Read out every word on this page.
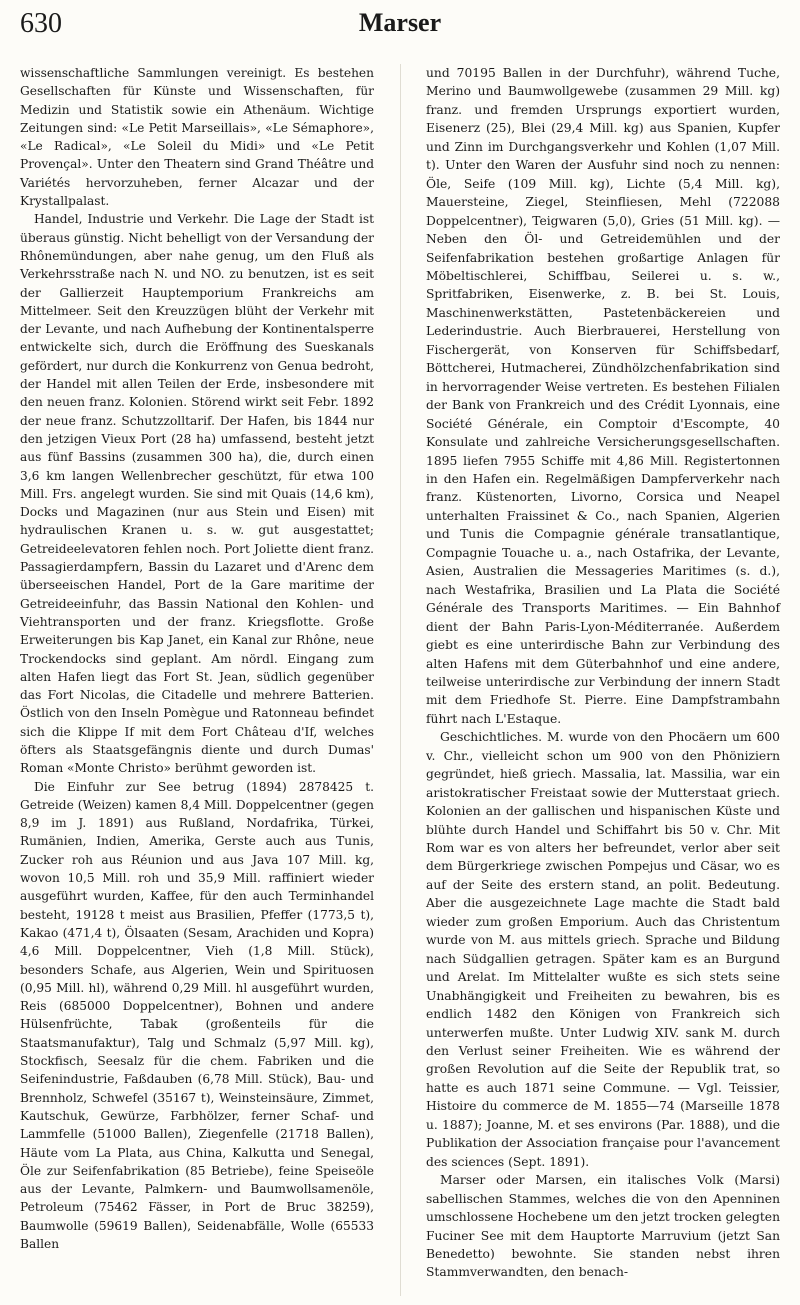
630	Marser

wissenschaftliche Sammlungen vereinigt. Es bestehen Gesellschaften für Künste und Wissenschaften, für Medizin und Statistik sowie ein Athenäum. Wichtige Zeitungen sind: «Le Petit Marseillais», «Le Sémaphore», «Le Radical», «Le Soleil du Midi» und «Le Petit Provençal». Unter den Theatern sind Grand Théâtre und Variétés hervorzuheben, ferner Alcazar und der Krystallpalast.

Handel, Industrie und Verkehr. Die Lage der Stadt ist überaus günstig. Nicht behelligt von der Versandung der Rhônemündungen, aber nahe genug, um den Fluß als Verkehrsstraße nach N. und NO. zu benutzen, ist es seit der Gallierzeit Hauptemporium Frankreichs am Mittelmeer. Seit den Kreuzzügen blüht der Verkehr mit der Levante, und nach Aufhebung der Kontinentalsperre entwickelte sich, durch die Eröffnung des Sueskanals gefördert, nur durch die Konkurrenz von Genua bedroht, der Handel mit allen Teilen der Erde, insbesondere mit den neuen franz. Kolonien. Störend wirkt seit Febr. 1892 der neue franz. Schutzzolltarif. Der Hafen, bis 1844 nur den jetzigen Vieux Port (28 ha) umfassend, besteht jetzt aus fünf Bassins (zusammen 300 ha), die, durch einen 3,6 km langen Wellenbrecher geschützt, für etwa 100 Mill. Frs. angelegt wurden. Sie sind mit Quais (14,6 km), Docks und Magazinen (nur aus Stein und Eisen) mit hydraulischen Kranen u. s. w. gut ausgestattet; Getreideelevatoren fehlen noch. Port Joliette dient franz. Passagierdampfern, Bassin du Lazaret und d'Arenc dem überseeischen Handel, Port de la Gare maritime der Getreideeinfuhr, das Bassin National den Kohlen- und Viehtransporten und der franz. Kriegsflotte. Große Erweiterungen bis Kap Janet, ein Kanal zur Rhône, neue Trockendocks sind geplant. Am nördl. Eingang zum alten Hafen liegt das Fort St. Jean, südlich gegenüber das Fort Nicolas, die Citadelle und mehrere Batterien. Östlich von den Inseln Pomègue und Ratonneau befindet sich die Klippe If mit dem Fort Château d'If, welches öfters als Staatsgefängnis diente und durch Dumas' Roman «Monte Christo» berühmt geworden ist.

Die Einfuhr zur See betrug (1894) 2878425 t. Getreide (Weizen) kamen 8,4 Mill. Doppelcentner (gegen 8,9 im J. 1891) aus Rußland, Nordafrika, Türkei, Rumänien, Indien, Amerika, Gerste auch aus Tunis, Zucker roh aus Réunion und aus Java 107 Mill. kg, wovon 10,5 Mill. roh und 35,9 Mill. raffiniert wieder ausgeführt wurden, Kaffee, für den auch Terminhandel besteht, 19128 t meist aus Brasilien, Pfeffer (1773,5 t), Kakao (471,4 t), Ölsaaten (Sesam, Arachiden und Kopra) 4,6 Mill. Doppelcentner, Vieh (1,8 Mill. Stück), besonders Schafe, aus Algerien, Wein und Spirituosen (0,95 Mill. hl), während 0,29 Mill. hl ausgeführt wurden, Reis (685000 Doppelcentner), Bohnen und andere Hülsenfrüchte, Tabak (großenteils für die Staatsmanufaktur), Talg und Schmalz (5,97 Mill. kg), Stockfisch, Seesalz für die chem. Fabriken und die Seifenindustrie, Faßdauben (6,78 Mill. Stück), Bau- und Brennholz, Schwefel (35167 t), Weinsteinsäure, Zimmet, Kautschuk, Gewürze, Farbhölzer, ferner Schaf- und Lammfelle (51000 Ballen), Ziegenfelle (21718 Ballen), Häute vom La Plata, aus China, Kalkutta und Senegal, Öle zur Seifenfabrikation (85 Betriebe), feine Speiseöle aus der Levante, Palmkern- und Baumwollsamenöle, Petroleum (75462 Fässer, in Port de Bruc 38259), Baumwolle (59619 Ballen), Seidenabfälle, Wolle (65533 Ballen

und 70195 Ballen in der Durchfuhr), während Tuche, Merino und Baumwollgewebe (zusammen 29 Mill. kg) franz. und fremden Ursprungs exportiert wurden, Eisenerz (25), Blei (29,4 Mill. kg) aus Spanien, Kupfer und Zinn im Durchgangsverkehr und Kohlen (1,07 Mill. t). Unter den Waren der Ausfuhr sind noch zu nennen: Öle, Seife (109 Mill. kg), Lichte (5,4 Mill. kg), Mauersteine, Ziegel, Steinfliesen, Mehl (722088 Doppelcentner), Teigwaren (5,0), Gries (51 Mill. kg). — Neben den Öl- und Getreidemühlen und der Seifenfabrikation bestehen großartige Anlagen für Möbeltischlerei, Schiffbau, Seilerei u. s. w., Spritfabriken, Eisenwerke, z. B. bei St. Louis, Maschinenwerkstätten, Pastetenbäckereien und Lederindustrie. Auch Bierbrauerei, Herstellung von Fischergerät, von Konserven für Schiffsbedarf, Böttcherei, Hutmacherei, Zündhölzchenfabrikation sind in hervorragender Weise vertreten. Es bestehen Filialen der Bank von Frankreich und des Crédit Lyonnais, eine Société Générale, ein Comptoir d'Escompte, 40 Konsulate und zahlreiche Versicherungsgesellschaften. 1895 liefen 7955 Schiffe mit 4,86 Mill. Registertonnen in den Hafen ein. Regelmäßigen Dampferverkehr nach franz. Küstenorten, Livorno, Corsica und Neapel unterhalten Fraissinet & Co., nach Spanien, Algerien und Tunis die Compagnie générale transatlantique, Compagnie Touache u. a., nach Ostafrika, der Levante, Asien, Australien die Messageries Maritimes (s. d.), nach Westafrika, Brasilien und La Plata die Société Générale des Transports Maritimes. — Ein Bahnhof dient der Bahn Paris-Lyon-Méditerranée. Außerdem giebt es eine unterirdische Bahn zur Verbindung des alten Hafens mit dem Güterbahnhof und eine andere, teilweise unterirdische zur Verbindung der innern Stadt mit dem Friedhofe St. Pierre. Eine Dampfstrambahn führt nach L'Estaque.

Geschichtliches. M. wurde von den Phocäern um 600 v. Chr., vielleicht schon um 900 von den Phöniziern gegründet, hieß griech. Massalia, lat. Massilia, war ein aristokratischer Freistaat sowie der Mutterstaat griech. Kolonien an der gallischen und hispanischen Küste und blühte durch Handel und Schiffahrt bis 50 v. Chr. Mit Rom war es von alters her befreundet, verlor aber seit dem Bürgerkriege zwischen Pompejus und Cäsar, wo es auf der Seite des erstern stand, an polit. Bedeutung. Aber die ausgezeichnete Lage machte die Stadt bald wieder zum großen Emporium. Auch das Christentum wurde von M. aus mittels griech. Sprache und Bildung nach Südgallien getragen. Später kam es an Burgund und Arelat. Im Mittelalter wußte es sich stets seine Unabhängigkeit und Freiheiten zu bewahren, bis es endlich 1482 den Königen von Frankreich sich unterwerfen mußte. Unter Ludwig XIV. sank M. durch den Verlust seiner Freiheiten. Wie es während der großen Revolution auf die Seite der Republik trat, so hatte es auch 1871 seine Commune. — Vgl. Teissier, Histoire du commerce de M. 1855—74 (Marseille 1878 u. 1887); Joanne, M. et ses environs (Par. 1888), und die Publikation der Association française pour l'avancement des sciences (Sept. 1891).

Marser oder Marsen, ein italisches Volk (Marsi) sabellischen Stammes, welches die von den Apenninen umschlossene Hochebene um den jetzt trocken gelegten Fuciner See mit dem Hauptorte Marruvium (jetzt San Benedetto) bewohnte. Sie standen nebst ihren Stammverwandten, den benach-
